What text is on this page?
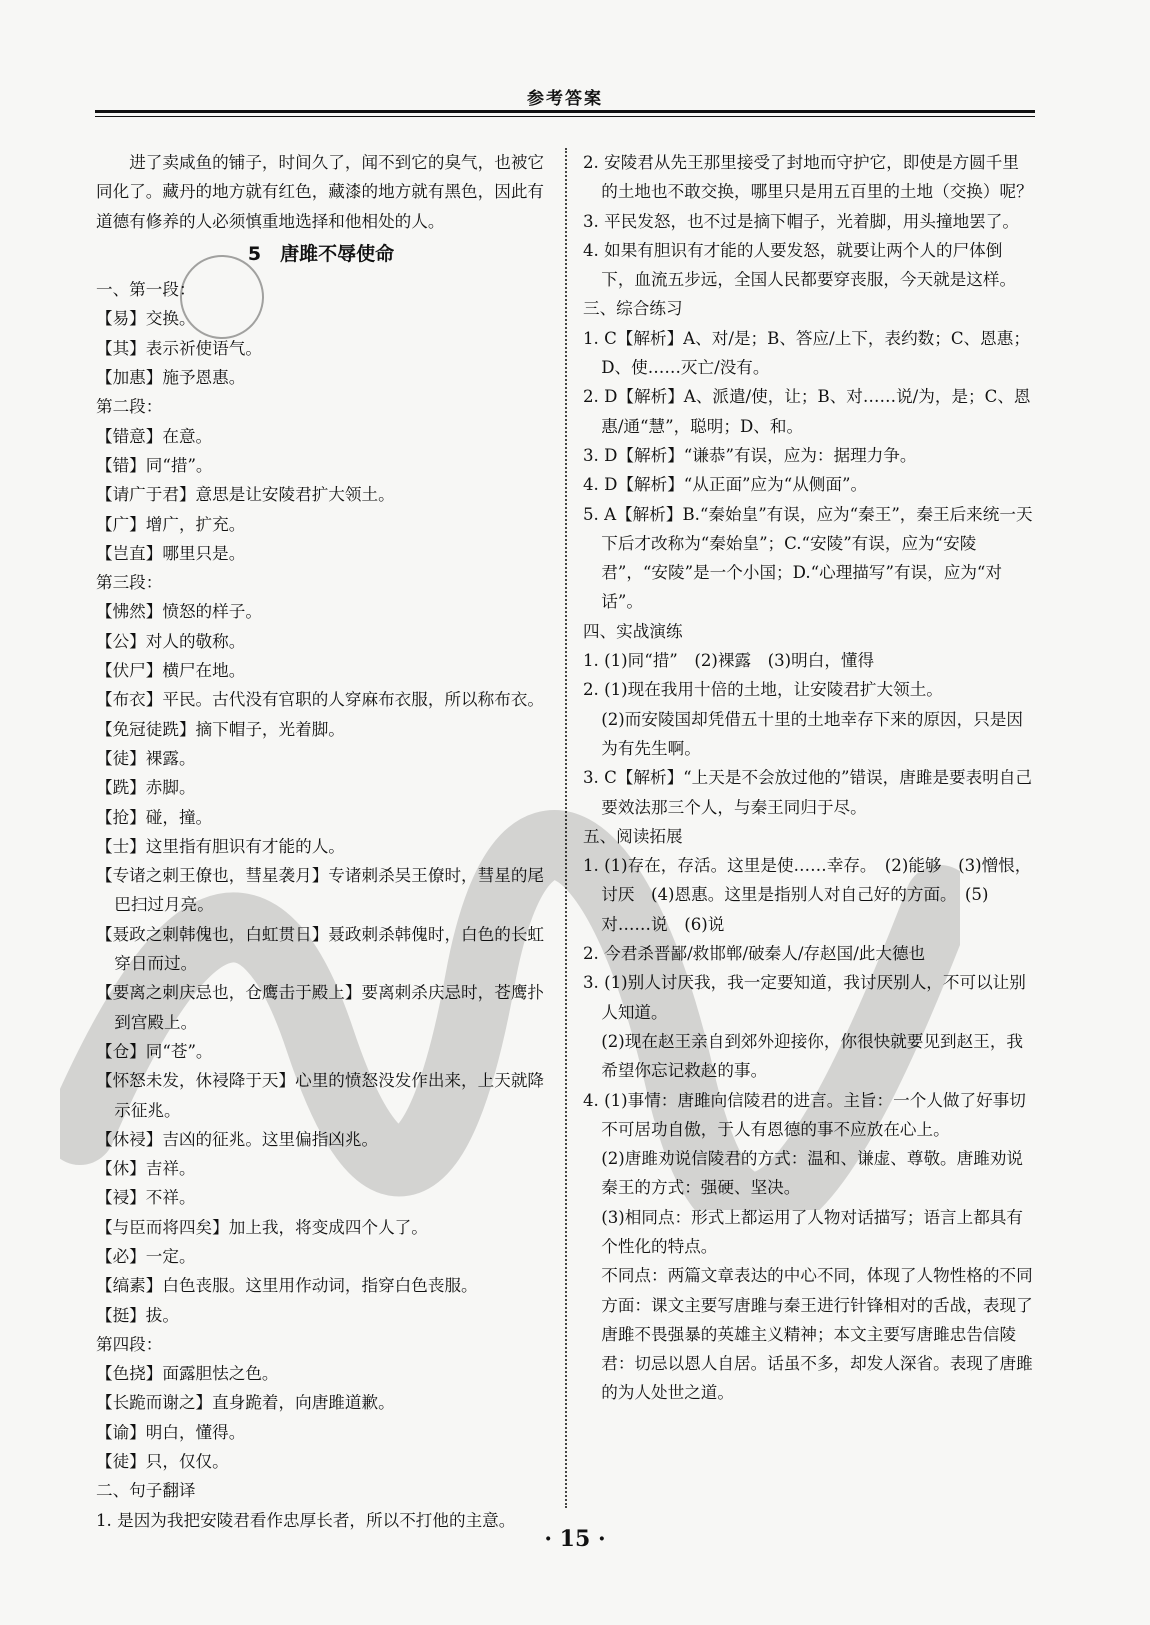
参考答案

进了卖咸鱼的铺子，时间久了，闻不到它的臭气，也被它同化了。藏丹的地方就有红色，藏漆的地方就有黑色，因此有道德有修养的人必须慎重地选择和他相处的人。

5　唐雎不辱使命

一、第一段：

【易】交换。

【其】表示祈使语气。

【加惠】施予恩惠。

第二段：

【错意】在意。

【错】同“措”。

【请广于君】意思是让安陵君扩大领土。

【广】增广，扩充。

【岂直】哪里只是。

第三段：

【怫然】愤怒的样子。

【公】对人的敬称。

【伏尸】横尸在地。

【布衣】平民。古代没有官职的人穿麻布衣服，所以称布衣。

【免冠徒跣】摘下帽子，光着脚。

【徒】裸露。

【跣】赤脚。

【抢】碰，撞。

【士】这里指有胆识有才能的人。

【专诸之刺王僚也，彗星袭月】专诸刺杀吴王僚时，彗星的尾巴扫过月亮。

【聂政之刺韩傀也，白虹贯日】聂政刺杀韩傀时，白色的长虹穿日而过。

【要离之刺庆忌也，仓鹰击于殿上】要离刺杀庆忌时，苍鹰扑到宫殿上。

【仓】同“苍”。

【怀怒未发，休祲降于天】心里的愤怒没发作出来，上天就降示征兆。

【休祲】吉凶的征兆。这里偏指凶兆。

【休】吉祥。

【祲】不祥。

【与臣而将四矣】加上我，将变成四个人了。

【必】一定。

【缟素】白色丧服。这里用作动词，指穿白色丧服。

【挺】拔。

第四段：

【色挠】面露胆怯之色。

【长跪而谢之】直身跪着，向唐雎道歉。

【谕】明白，懂得。

【徒】只，仅仅。

二、句子翻译

1. 是因为我把安陵君看作忠厚长者，所以不打他的主意。

2. 安陵君从先王那里接受了封地而守护它，即使是方圆千里的土地也不敢交换，哪里只是用五百里的土地（交换）呢？

3. 平民发怒，也不过是摘下帽子，光着脚，用头撞地罢了。

4. 如果有胆识有才能的人要发怒，就要让两个人的尸体倒下，血流五步远，全国人民都要穿丧服，今天就是这样。

三、综合练习

1. C【解析】A、对/是；B、答应/上下，表约数；C、恩惠；D、使……灭亡/没有。

2. D【解析】A、派遣/使，让；B、对……说/为，是；C、恩惠/通“慧”，聪明；D、和。

3. D【解析】“谦恭”有误，应为：据理力争。

4. D【解析】“从正面”应为“从侧面”。

5. A【解析】B.“秦始皇”有误，应为“秦王”，秦王后来统一天下后才改称为“秦始皇”；C.“安陵”有误，应为“安陵君”，“安陵”是一个小国；D.“心理描写”有误，应为“对话”。

四、实战演练

1. (1)同“措”　(2)裸露　(3)明白，懂得

2. (1)现在我用十倍的土地，让安陵君扩大领土。

(2)而安陵国却凭借五十里的土地幸存下来的原因，只是因为有先生啊。

3. C【解析】“上天是不会放过他的”错误，唐雎是要表明自己要效法那三个人，与秦王同归于尽。

五、阅读拓展

1. (1)存在，存活。这里是使……幸存。　(2)能够　(3)憎恨，讨厌　(4)恩惠。这里是指别人对自己好的方面。　(5)对……说　(6)说

2. 今君杀晋鄙/救邯郸/破秦人/存赵国/此大德也

3. (1)别人讨厌我，我一定要知道，我讨厌别人，不可以让别人知道。

(2)现在赵王亲自到郊外迎接你，你很快就要见到赵王，我希望你忘记救赵的事。

4. (1)事情：唐雎向信陵君的进言。主旨：一个人做了好事切不可居功自傲，于人有恩德的事不应放在心上。

(2)唐雎劝说信陵君的方式：温和、谦虚、尊敬。唐雎劝说秦王的方式：强硬、坚决。

(3)相同点：形式上都运用了人物对话描写；语言上都具有个性化的特点。

不同点：两篇文章表达的中心不同，体现了人物性格的不同方面：课文主要写唐雎与秦王进行针锋相对的舌战，表现了唐雎不畏强暴的英雄主义精神；本文主要写唐雎忠告信陵君：切忌以恩人自居。话虽不多，却发人深省。表现了唐雎的为人处世之道。

· 15 ·
